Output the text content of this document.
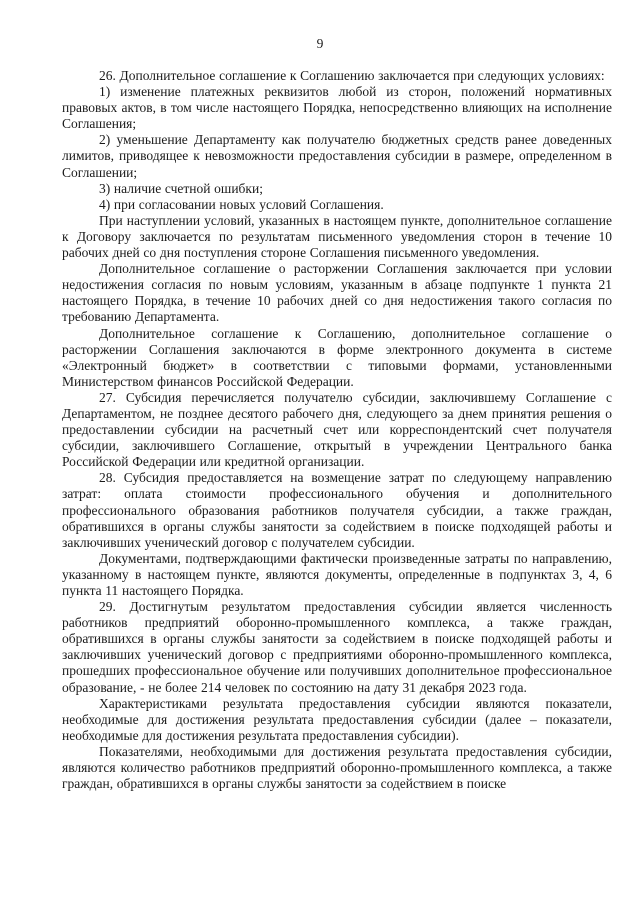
9

26. Дополнительное соглашение к Соглашению заключается при следующих условиях:

1) изменение платежных реквизитов любой из сторон, положений нормативных правовых актов, в том числе настоящего Порядка, непосредственно влияющих на исполнение Соглашения;

2) уменьшение Департаменту как получателю бюджетных средств ранее доведенных лимитов, приводящее к невозможности предоставления субсидии в размере, определенном в Соглашении;

3) наличие счетной ошибки;

4) при согласовании новых условий Соглашения.

При наступлении условий, указанных в настоящем пункте, дополнительное соглашение к Договору заключается по результатам письменного уведомления сторон в течение 10 рабочих дней со дня поступления стороне Соглашения письменного уведомления.

Дополнительное соглашение о расторжении Соглашения заключается при условии недостижения согласия по новым условиям, указанным в абзаце подпункте 1 пункта 21 настоящего Порядка, в течение 10 рабочих дней со дня недостижения такого согласия по требованию Департамента.

Дополнительное соглашение к Соглашению, дополнительное соглашение о расторжении Соглашения заключаются в форме электронного документа в системе «Электронный бюджет» в соответствии с типовыми формами, установленными Министерством финансов Российской Федерации.

27. Субсидия перечисляется получателю субсидии, заключившему Соглашение с Департаментом, не позднее десятого рабочего дня, следующего за днем принятия решения о предоставлении субсидии на расчетный счет или корреспондентский счет получателя субсидии, заключившего Соглашение, открытый в учреждении Центрального банка Российской Федерации или кредитной организации.

28. Субсидия предоставляется на возмещение затрат по следующему направлению затрат: оплата стоимости профессионального обучения и дополнительного профессионального образования работников получателя субсидии, а также граждан, обратившихся в органы службы занятости за содействием в поиске подходящей работы и заключивших ученический договор с получателем субсидии.

Документами, подтверждающими фактически произведенные затраты по направлению, указанному в настоящем пункте, являются документы, определенные в подпунктах 3, 4, 6 пункта 11 настоящего Порядка.

29. Достигнутым результатом предоставления субсидии является численность работников предприятий оборонно-промышленного комплекса, а также граждан, обратившихся в органы службы занятости за содействием в поиске подходящей работы и заключивших ученический договор с предприятиями оборонно-промышленного комплекса, прошедших профессиональное обучение или получивших дополнительное профессиональное образование, - не более 214 человек по состоянию на дату 31 декабря 2023 года.

Характеристиками результата предоставления субсидии являются показатели, необходимые для достижения результата предоставления субсидии (далее – показатели, необходимые для достижения результата предоставления субсидии).

Показателями, необходимыми для достижения результата предоставления субсидии, являются количество работников предприятий оборонно-промышленного комплекса, а также граждан, обратившихся в органы службы занятости за содействием в поиске
